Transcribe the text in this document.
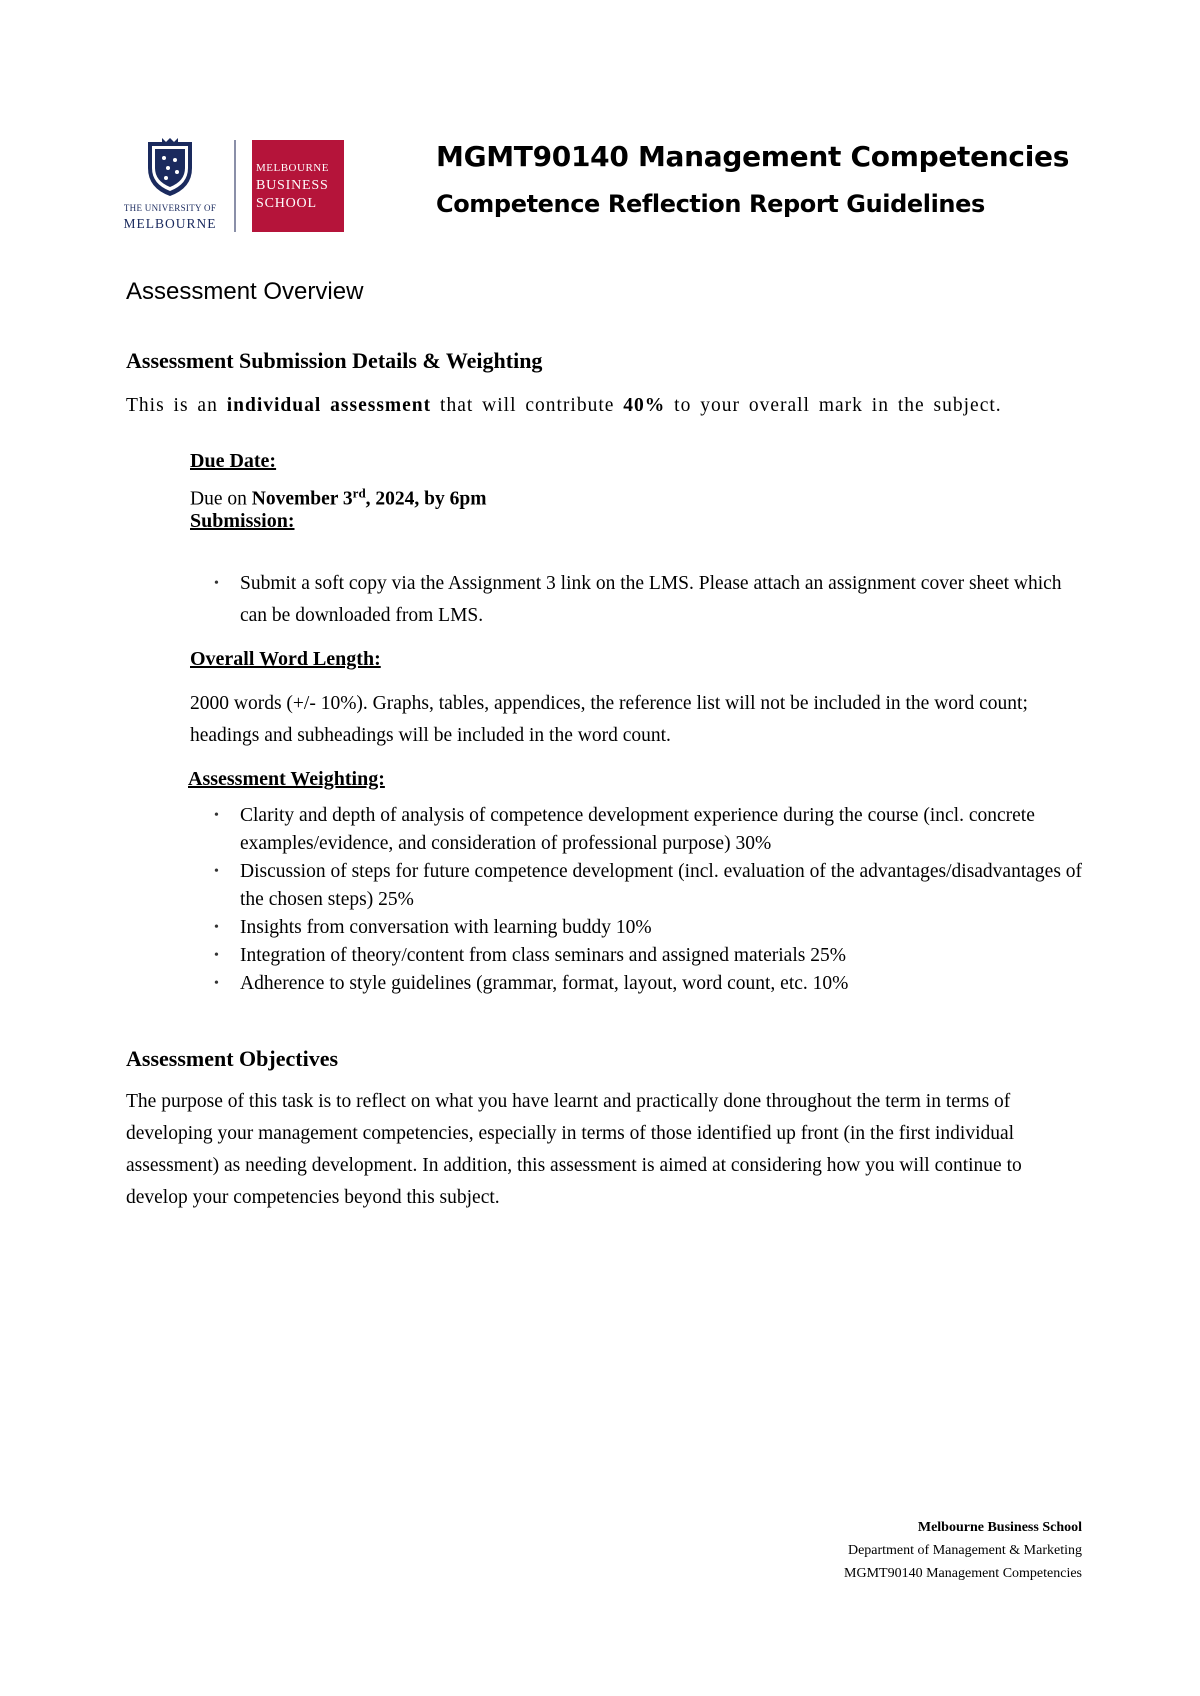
THE UNIVERSITY OF
MELBOURNE
MELBOURNE
BUSINESS
SCHOOL
MGMT90140 Management Competencies
Competence Reflection Report Guidelines
Assessment Overview
Assessment Submission Details & Weighting
This is an individual assessment that will contribute 40% to your overall mark in the subject.
Due Date:
Due on November 3rd, 2024, by 6pm
Submission:
• Submit a soft copy via the Assignment 3 link on the LMS. Please attach an assignment cover sheet which can be downloaded from LMS.
Overall Word Length:
2000 words (+/- 10%). Graphs, tables, appendices, the reference list will not be included in the word count; headings and subheadings will be included in the word count.
Assessment Weighting:
• Clarity and depth of analysis of competence development experience during the course (incl. concrete examples/evidence, and consideration of professional purpose) 30%
• Discussion of steps for future competence development (incl. evaluation of the advantages/disadvantages of the chosen steps) 25%
• Insights from conversation with learning buddy 10%
• Integration of theory/content from class seminars and assigned materials 25%
• Adherence to style guidelines (grammar, format, layout, word count, etc. 10%
Assessment Objectives
The purpose of this task is to reflect on what you have learnt and practically done throughout the term in terms of developing your management competencies, especially in terms of those identified up front (in the first individual assessment) as needing development. In addition, this assessment is aimed at considering how you will continue to develop your competencies beyond this subject.
Melbourne Business School
Department of Management & Marketing
MGMT90140 Management Competencies
